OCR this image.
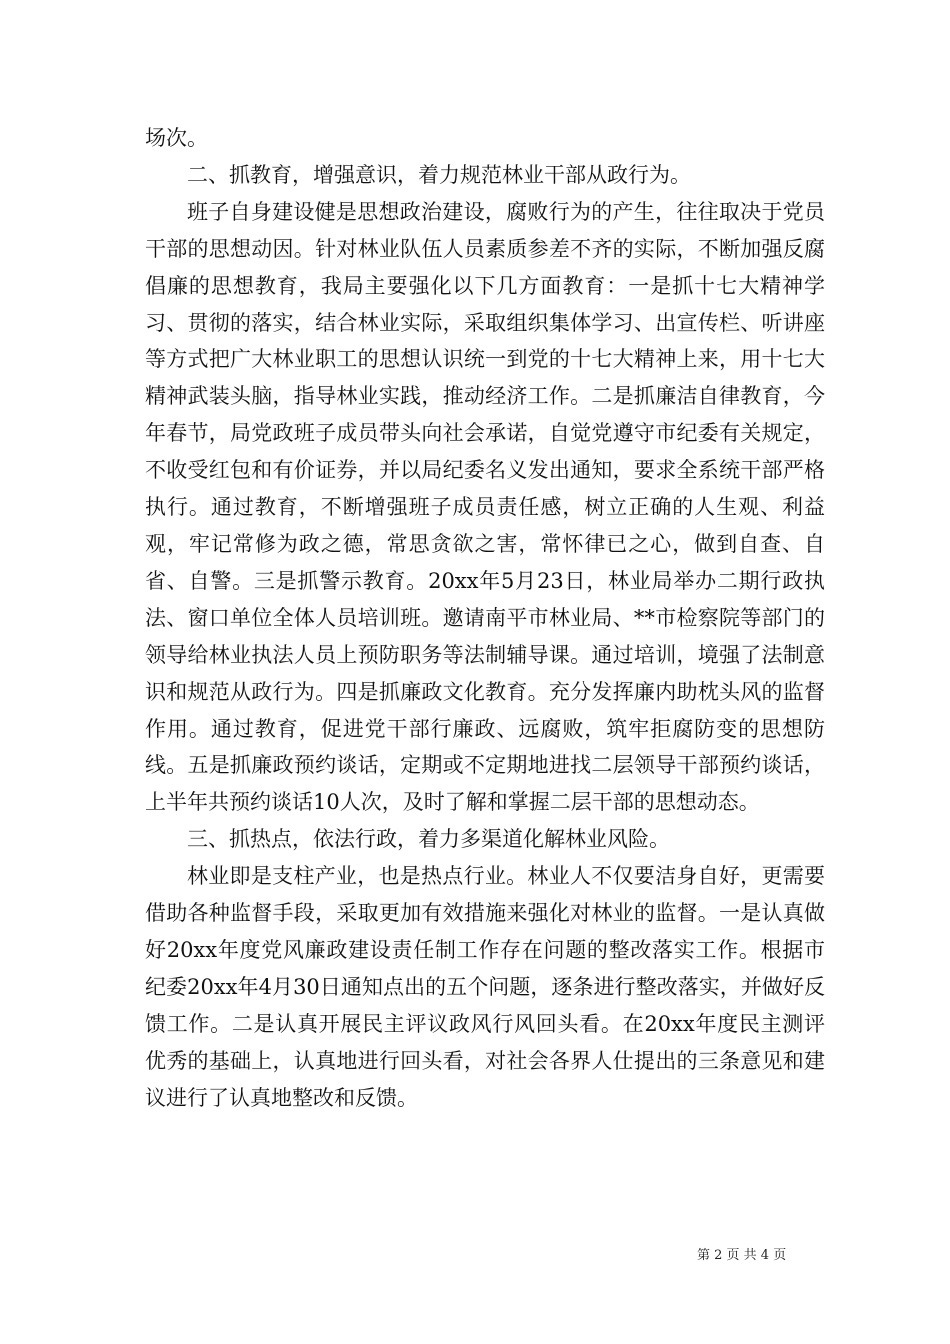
场次。

二、抓教育，增强意识，着力规范林业干部从政行为。

班子自身建设健是思想政治建设，腐败行为的产生，往往取决于党员干部的思想动因。针对林业队伍人员素质参差不齐的实际，不断加强反腐倡廉的思想教育，我局主要强化以下几方面教育：一是抓十七大精神学习、贯彻的落实，结合林业实际，采取组织集体学习、出宣传栏、听讲座等方式把广大林业职工的思想认识统一到党的十七大精神上来，用十七大精神武装头脑，指导林业实践，推动经济工作。二是抓廉洁自律教育，今年春节，局党政班子成员带头向社会承诺，自觉党遵守市纪委有关规定，不收受红包和有价证券，并以局纪委名义发出通知，要求全系统干部严格执行。通过教育，不断增强班子成员责任感，树立正确的人生观、利益观，牢记常修为政之德，常思贪欲之害，常怀律已之心，做到自查、自省、自警。三是抓警示教育。20xx年5月23日，林业局举办二期行政执法、窗口单位全体人员培训班。邀请南平市林业局、**市检察院等部门的领导给林业执法人员上预防职务等法制辅导课。通过培训，境强了法制意识和规范从政行为。四是抓廉政文化教育。充分发挥廉内助枕头风的监督作用。通过教育，促进党干部行廉政、远腐败，筑牢拒腐防变的思想防线。五是抓廉政预约谈话，定期或不定期地进找二层领导干部预约谈话，上半年共预约谈话10人次，及时了解和掌握二层干部的思想动态。

三、抓热点，依法行政，着力多渠道化解林业风险。

林业即是支柱产业，也是热点行业。林业人不仅要洁身自好，更需要借助各种监督手段，采取更加有效措施来强化对林业的监督。一是认真做好20xx年度党风廉政建设责任制工作存在问题的整改落实工作。根据市纪委20xx年4月30日通知点出的五个问题，逐条进行整改落实，并做好反馈工作。二是认真开展民主评议政风行风回头看。在20xx年度民主测评优秀的基础上，认真地进行回头看，对社会各界人仕提出的三条意见和建议进行了认真地整改和反馈。

第 2 页 共 4 页
